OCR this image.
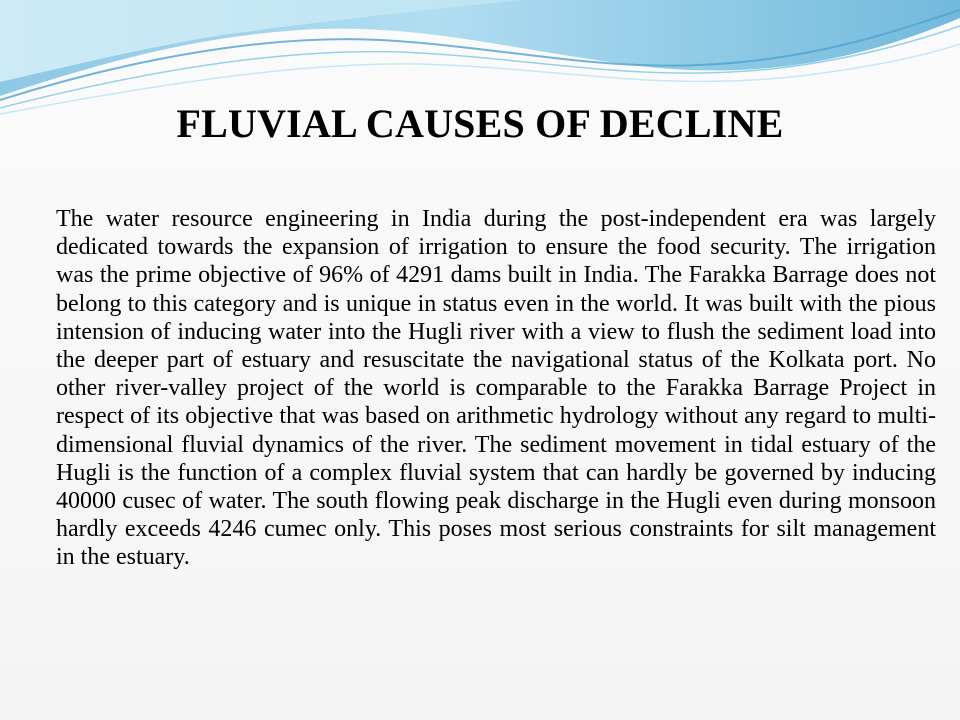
FLUVIAL CAUSES OF DECLINE

The water resource engineering in India during the post-independent era was largely dedicated towards the expansion of irrigation to ensure the food security. The irrigation was the prime objective of 96% of 4291 dams built in India. The Farakka Barrage does not belong to this category and is unique in status even in the world. It was built with the pious intension of inducing water into the Hugli river with a view to flush the sediment load into the deeper part of estuary and resuscitate the navigational status of the Kolkata port. No other river-valley project of the world is comparable to the Farakka Barrage Project in respect of its objective that was based on arithmetic hydrology without any regard to multi-dimensional fluvial dynamics of the river. The sediment movement in tidal estuary of the Hugli is the function of a complex fluvial system that can hardly be governed by inducing 40000 cusec of water. The south flowing peak discharge in the Hugli even during monsoon hardly exceeds 4246 cumec only. This poses most serious constraints for silt management in the estuary.
